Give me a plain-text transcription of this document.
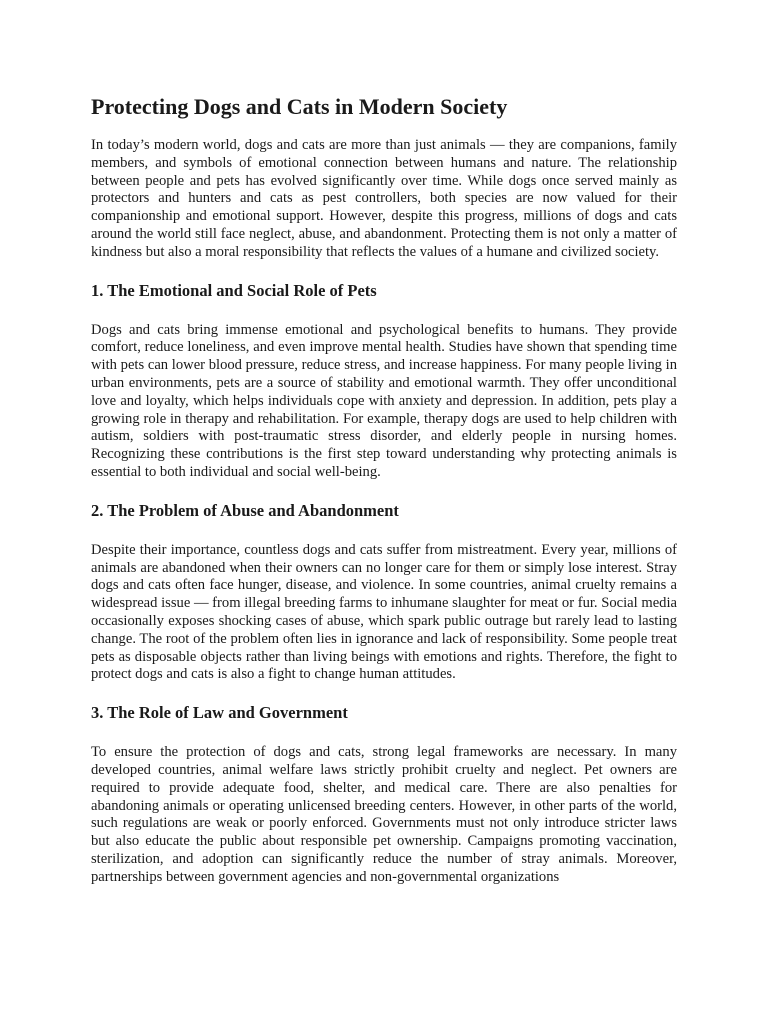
Protecting Dogs and Cats in Modern Society

In today’s modern world, dogs and cats are more than just animals — they are companions, family members, and symbols of emotional connection between humans and nature. The relationship between people and pets has evolved significantly over time. While dogs once served mainly as protectors and hunters and cats as pest controllers, both species are now valued for their companionship and emotional support. However, despite this progress, millions of dogs and cats around the world still face neglect, abuse, and abandonment. Protecting them is not only a matter of kindness but also a moral responsibility that reflects the values of a humane and civilized society.

1. The Emotional and Social Role of Pets

Dogs and cats bring immense emotional and psychological benefits to humans. They provide comfort, reduce loneliness, and even improve mental health. Studies have shown that spending time with pets can lower blood pressure, reduce stress, and increase happiness. For many people living in urban environments, pets are a source of stability and emotional warmth. They offer unconditional love and loyalty, which helps individuals cope with anxiety and depression. In addition, pets play a growing role in therapy and rehabilitation. For example, therapy dogs are used to help children with autism, soldiers with post-traumatic stress disorder, and elderly people in nursing homes. Recognizing these contributions is the first step toward understanding why protecting animals is essential to both individual and social well-being.

2. The Problem of Abuse and Abandonment

Despite their importance, countless dogs and cats suffer from mistreatment. Every year, millions of animals are abandoned when their owners can no longer care for them or simply lose interest. Stray dogs and cats often face hunger, disease, and violence. In some countries, animal cruelty remains a widespread issue — from illegal breeding farms to inhumane slaughter for meat or fur. Social media occasionally exposes shocking cases of abuse, which spark public outrage but rarely lead to lasting change. The root of the problem often lies in ignorance and lack of responsibility. Some people treat pets as disposable objects rather than living beings with emotions and rights. Therefore, the fight to protect dogs and cats is also a fight to change human attitudes.

3. The Role of Law and Government

To ensure the protection of dogs and cats, strong legal frameworks are necessary. In many developed countries, animal welfare laws strictly prohibit cruelty and neglect. Pet owners are required to provide adequate food, shelter, and medical care. There are also penalties for abandoning animals or operating unlicensed breeding centers. However, in other parts of the world, such regulations are weak or poorly enforced. Governments must not only introduce stricter laws but also educate the public about responsible pet ownership. Campaigns promoting vaccination, sterilization, and adoption can significantly reduce the number of stray animals. Moreover, partnerships between government agencies and non-governmental organizations
